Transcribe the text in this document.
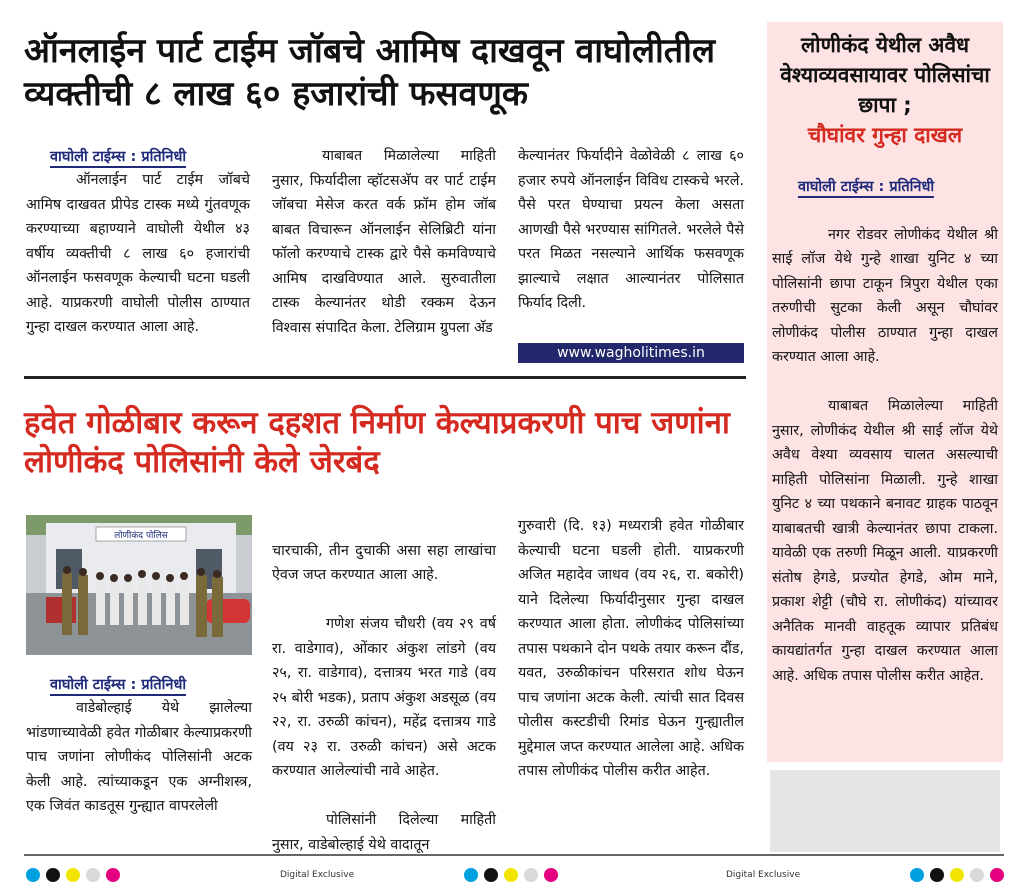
ऑनलाईन पार्ट टाईम जॉबचे आमिष दाखवून वाघोलीतील व्यक्तीची ८ लाख ६० हजारांची फसवणूक
वाघोली टाईम्स : प्रतिनिधी
ऑनलाईन पार्ट टाईम जॉबचे आमिष दाखवत प्रीपेड टास्क मध्ये गुंतवणूक करण्याच्या बहाण्याने वाघोली येथील ४३ वर्षीय व्यक्तीची ८ लाख ६० हजारांची ऑनलाईन फसवणूक केल्याची घटना घडली आहे. याप्रकरणी वाघोली पोलीस ठाण्यात गुन्हा दाखल करण्यात आला आहे.
याबाबत मिळालेल्या माहिती नुसार, फिर्यादीला व्हॉटसअ‍ॅप वर पार्ट टाईम जॉबचा मेसेज करत वर्क फ्रॉम होम जॉब बाबत विचारून ऑनलाईन सेलिब्रिटी यांना फॉलो करण्याचे टास्क द्वारे पैसे कमविण्याचे आमिष दाखविण्यात आले. सुरुवातीला टास्क केल्यानंतर थोडी रक्कम देऊन विश्वास संपादित केला. टेलिग्राम ग्रुपला अ‍ॅड
केल्यानंतर फिर्यादीने वेळोवेळी ८ लाख ६० हजार रुपये ऑनलाईन विविध टास्कचे भरले. पैसे परत घेण्याचा प्रयत्न केला असता आणखी पैसे भरण्यास सांगितले. भरलेले पैसे परत मिळत नसल्याने आर्थिक फसवणूक झाल्याचे लक्षात आल्यानंतर पोलिसात फिर्याद दिली.
www.wagholitimes.in
हवेत गोळीबार करून दहशत निर्माण केल्याप्रकरणी पाच जणांना लोणीकंद पोलिसांनी केले जेरबंद
लोणीकंद पोलिस
वाघोली टाईम्स : प्रतिनिधी
वाडेबोल्हाई येथे झालेल्या भांडणाच्यावेळी हवेत गोळीबार केल्याप्रकरणी पाच जणांना लोणीकंद पोलिसांनी अटक केली आहे. त्यांच्याकडून एक अग्नीशस्त्र, एक जिवंत काडतूस गुन्ह्यात वापरलेली

चारचाकी, तीन दुचाकी असा सहा लाखांचा ऐवज जप्त करण्यात आला आहे.

गणेश संजय चौधरी (वय २९ वर्ष रा. वाडेगाव), ओंकार अंकुश लांडगे (वय २५, रा. वाडेगाव), दत्तात्रय भरत गाडे (वय २५ बोरी भडक), प्रताप अंकुश अडसूळ (वय २२, रा. उरुळी कांचन), महेंद्र दत्तात्रय गाडे (वय २३ रा. उरुळी कांचन) असे अटक करण्यात आलेल्यांची नावे आहेत.

पोलिसांनी दिलेल्या माहिती नुसार, वाडेबोल्हाई येथे वादातून

गुरुवारी (दि. १३) मध्यरात्री हवेत गोळीबार केल्याची घटना घडली होती. याप्रकरणी अजित महादेव जाधव (वय २६, रा. बकोरी) याने दिलेल्या फिर्यादीनुसार गुन्हा दाखल करण्यात आला होता. लोणीकंद पोलिसांच्या तपास पथकाने दोन पथके तयार करून दौंड, यवत, उरुळीकांचन परिसरात शोध घेऊन पाच जणांना अटक केली. त्यांची सात दिवस पोलीस कस्टडीची रिमांड घेऊन गुन्ह्यातील मुद्देमाल जप्त करण्यात आलेला आहे. अधिक तपास लोणीकंद पोलीस करीत आहेत.
लोणीकंद येथील अवैध वेश्याव्यवसायावर पोलिसांचा छापा ;
चौघांवर गुन्हा दाखल
वाघोली टाईम्स : प्रतिनिधी

नगर रोडवर लोणीकंद येथील श्री साई लॉज येथे गुन्हे शाखा युनिट ४ च्या पोलिसांनी छापा टाकून त्रिपुरा येथील एका तरुणीची सुटका केली असून चौघांवर लोणीकंद पोलीस ठाण्यात गुन्हा दाखल करण्यात आला आहे.

याबाबत मिळालेल्या माहिती नुसार, लोणीकंद येथील श्री साई लॉज येथे अवैध वेश्या व्यवसाय चालत असल्याची माहिती पोलिसांना मिळाली. गुन्हे शाखा युनिट ४ च्या पथकाने बनावट ग्राहक पाठवून याबाबतची खात्री केल्यानंतर छापा टाकला. यावेळी एक तरुणी मिळून आली. याप्रकरणी संतोष हेगडे, प्रज्योत हेगडे, ओम माने, प्रकाश शेट्टी (चौघे रा. लोणीकंद) यांच्यावर अनैतिक मानवी वाहतूक व्यापार प्रतिबंध कायद्यांतर्गत गुन्हा दाखल करण्यात आला आहे. अधिक तपास पोलीस करीत आहेत.

Digital Exclusive	Digital Exclusive
